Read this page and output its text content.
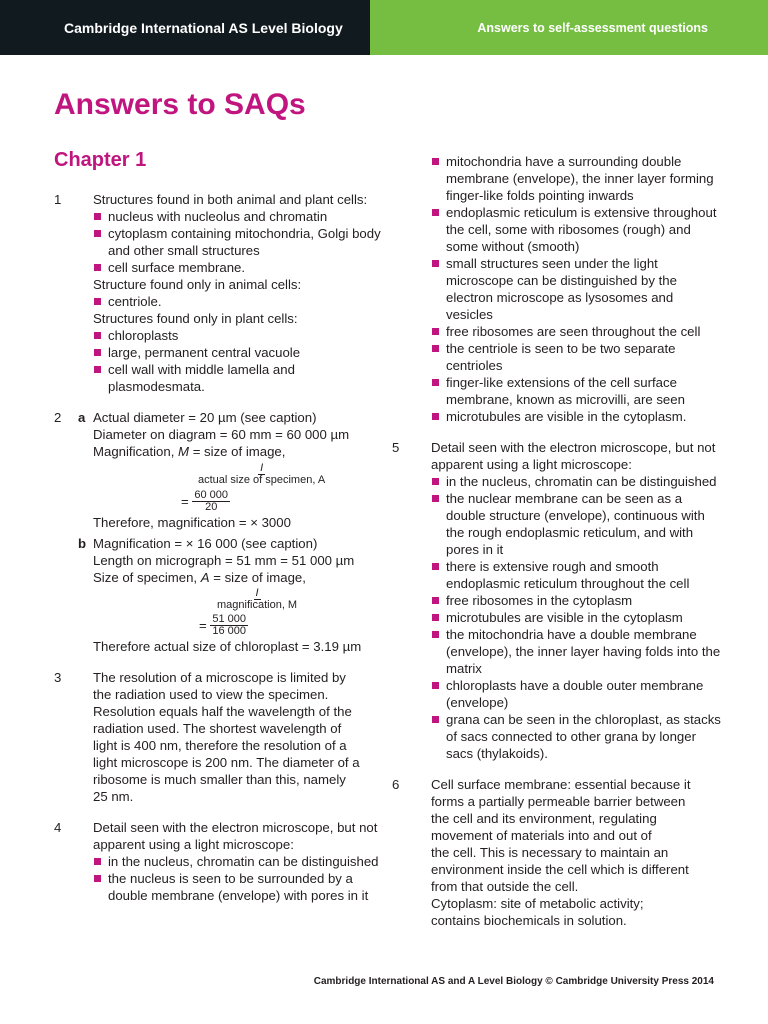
Cambridge International AS Level Biology	Answers to self-assessment questions
Answers to SAQs
Chapter 1
1 Structures found in both animal and plant cells:
nucleus with nucleolus and chromatin
cytoplasm containing mitochondria, Golgi body and other small structures
cell surface membrane.
Structure found only in animal cells:
centriole.
Structures found only in plant cells:
chloroplasts
large, permanent central vacuole
cell wall with middle lamella and plasmodesmata.
2 a Actual diameter = 20 µm (see caption)
Diameter on diagram = 60 mm = 60 000 µm
Magnification, M = size of image,
$\frac{I}{\text{actual size of specimen, A}}$
=
$\frac{60 000}{20}$
Therefore, magnification = × 3000
b Magnification = × 16 000 (see caption)
Length on micrograph = 51 mm = 51 000 µm
Size of specimen, A = size of image,
$\frac{I}{\text{magnification, M}}$
=
$\frac{51 000}{16 000}$
Therefore actual size of chloroplast = 3.19 µm
3 The resolution of a microscope is limited by
the radiation used to view the specimen.
Resolution equals half the wavelength of the
radiation used. The shortest wavelength of
light is 400 nm, therefore the resolution of a
light microscope is 200 nm. The diameter of a
ribosome is much smaller than this, namely
25 nm.
4 Detail seen with the electron microscope, but not apparent using a light microscope:
in the nucleus, chromatin can be distinguished
the nucleus is seen to be surrounded by a double membrane (envelope) with pores in it
mitochondria have a surrounding double membrane (envelope), the inner layer forming finger-like folds pointing inwards
endoplasmic reticulum is extensive throughout the cell, some with ribosomes (rough) and some without (smooth)
small structures seen under the light microscope can be distinguished by the electron microscope as lysosomes and vesicles
free ribosomes are seen throughout the cell
the centriole is seen to be two separate centrioles
finger-like extensions of the cell surface membrane, known as microvilli, are seen
microtubules are visible in the cytoplasm.
5 Detail seen with the electron microscope, but not apparent using a light microscope:
in the nucleus, chromatin can be distinguished
the nuclear membrane can be seen as a double structure (envelope), continuous with the rough endoplasmic reticulum, and with pores in it
there is extensive rough and smooth endoplasmic reticulum throughout the cell
free ribosomes in the cytoplasm
microtubules are visible in the cytoplasm
the mitochondria have a double membrane (envelope), the inner layer having folds into the matrix
chloroplasts have a double outer membrane (envelope)
grana can be seen in the chloroplast, as stacks of sacs connected to other grana by longer sacs (thylakoids).
6 Cell surface membrane: essential because it
forms a partially permeable barrier between
the cell and its environment, regulating
movement of materials into and out of
the cell. This is necessary to maintain an
environment inside the cell which is different
from that outside the cell.
Cytoplasm: site of metabolic activity;
contains biochemicals in solution.
Cambridge International AS and A Level Biology © Cambridge University Press 2014
